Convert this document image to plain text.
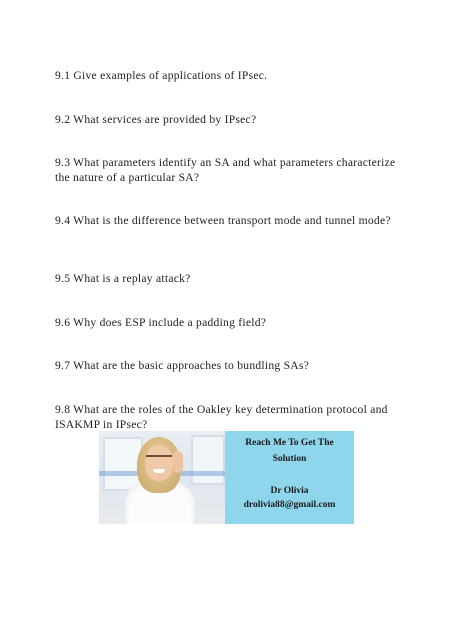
9.1 Give examples of applications of IPsec.

9.2 What services are provided by IPsec?

9.3 What parameters identify an SA and what parameters characterize the nature of a particular SA?

9.4 What is the difference between transport mode and tunnel mode?

9.5 What is a replay attack?

9.6 Why does ESP include a padding field?

9.7 What are the basic approaches to bundling SAs?

9.8 What are the roles of the Oakley key determination protocol and ISAKMP in IPsec?

Reach Me To Get The
Solution
Dr Olivia
drolivia88@gmail.com
